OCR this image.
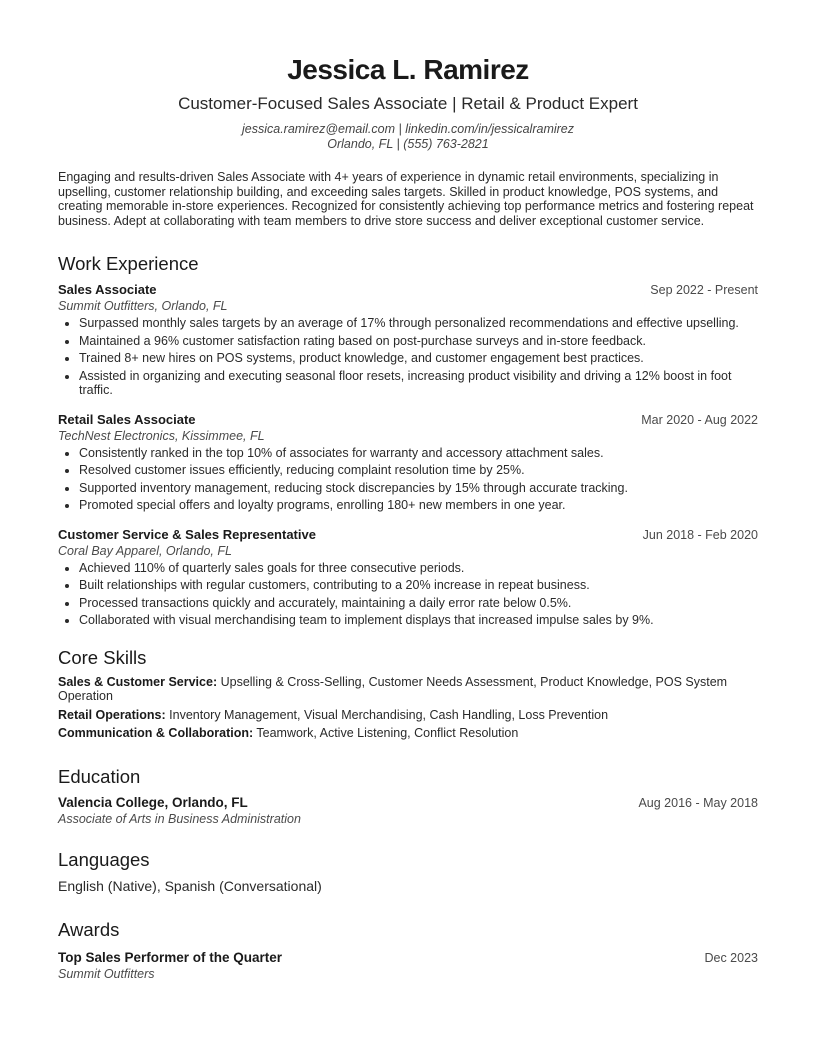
Jessica L. Ramirez
Customer-Focused Sales Associate | Retail & Product Expert
jessica.ramirez@email.com | linkedin.com/in/jessicalramirez
Orlando, FL | (555) 763-2821
Engaging and results-driven Sales Associate with 4+ years of experience in dynamic retail environments, specializing in upselling, customer relationship building, and exceeding sales targets. Skilled in product knowledge, POS systems, and creating memorable in-store experiences. Recognized for consistently achieving top performance metrics and fostering repeat business. Adept at collaborating with team members to drive store success and deliver exceptional customer service.
Work Experience
Sales Associate	Sep 2022 - Present
Summit Outfitters, Orlando, FL
• Surpassed monthly sales targets by an average of 17% through personalized recommendations and effective upselling.
• Maintained a 96% customer satisfaction rating based on post-purchase surveys and in-store feedback.
• Trained 8+ new hires on POS systems, product knowledge, and customer engagement best practices.
• Assisted in organizing and executing seasonal floor resets, increasing product visibility and driving a 12% boost in foot traffic.
Retail Sales Associate	Mar 2020 - Aug 2022
TechNest Electronics, Kissimmee, FL
• Consistently ranked in the top 10% of associates for warranty and accessory attachment sales.
• Resolved customer issues efficiently, reducing complaint resolution time by 25%.
• Supported inventory management, reducing stock discrepancies by 15% through accurate tracking.
• Promoted special offers and loyalty programs, enrolling 180+ new members in one year.
Customer Service & Sales Representative	Jun 2018 - Feb 2020
Coral Bay Apparel, Orlando, FL
• Achieved 110% of quarterly sales goals for three consecutive periods.
• Built relationships with regular customers, contributing to a 20% increase in repeat business.
• Processed transactions quickly and accurately, maintaining a daily error rate below 0.5%.
• Collaborated with visual merchandising team to implement displays that increased impulse sales by 9%.
Core Skills
Sales & Customer Service: Upselling & Cross-Selling, Customer Needs Assessment, Product Knowledge, POS System Operation
Retail Operations: Inventory Management, Visual Merchandising, Cash Handling, Loss Prevention
Communication & Collaboration: Teamwork, Active Listening, Conflict Resolution
Education
Valencia College, Orlando, FL	Aug 2016 - May 2018
Associate of Arts in Business Administration
Languages
English (Native), Spanish (Conversational)
Awards
Top Sales Performer of the Quarter	Dec 2023
Summit Outfitters
